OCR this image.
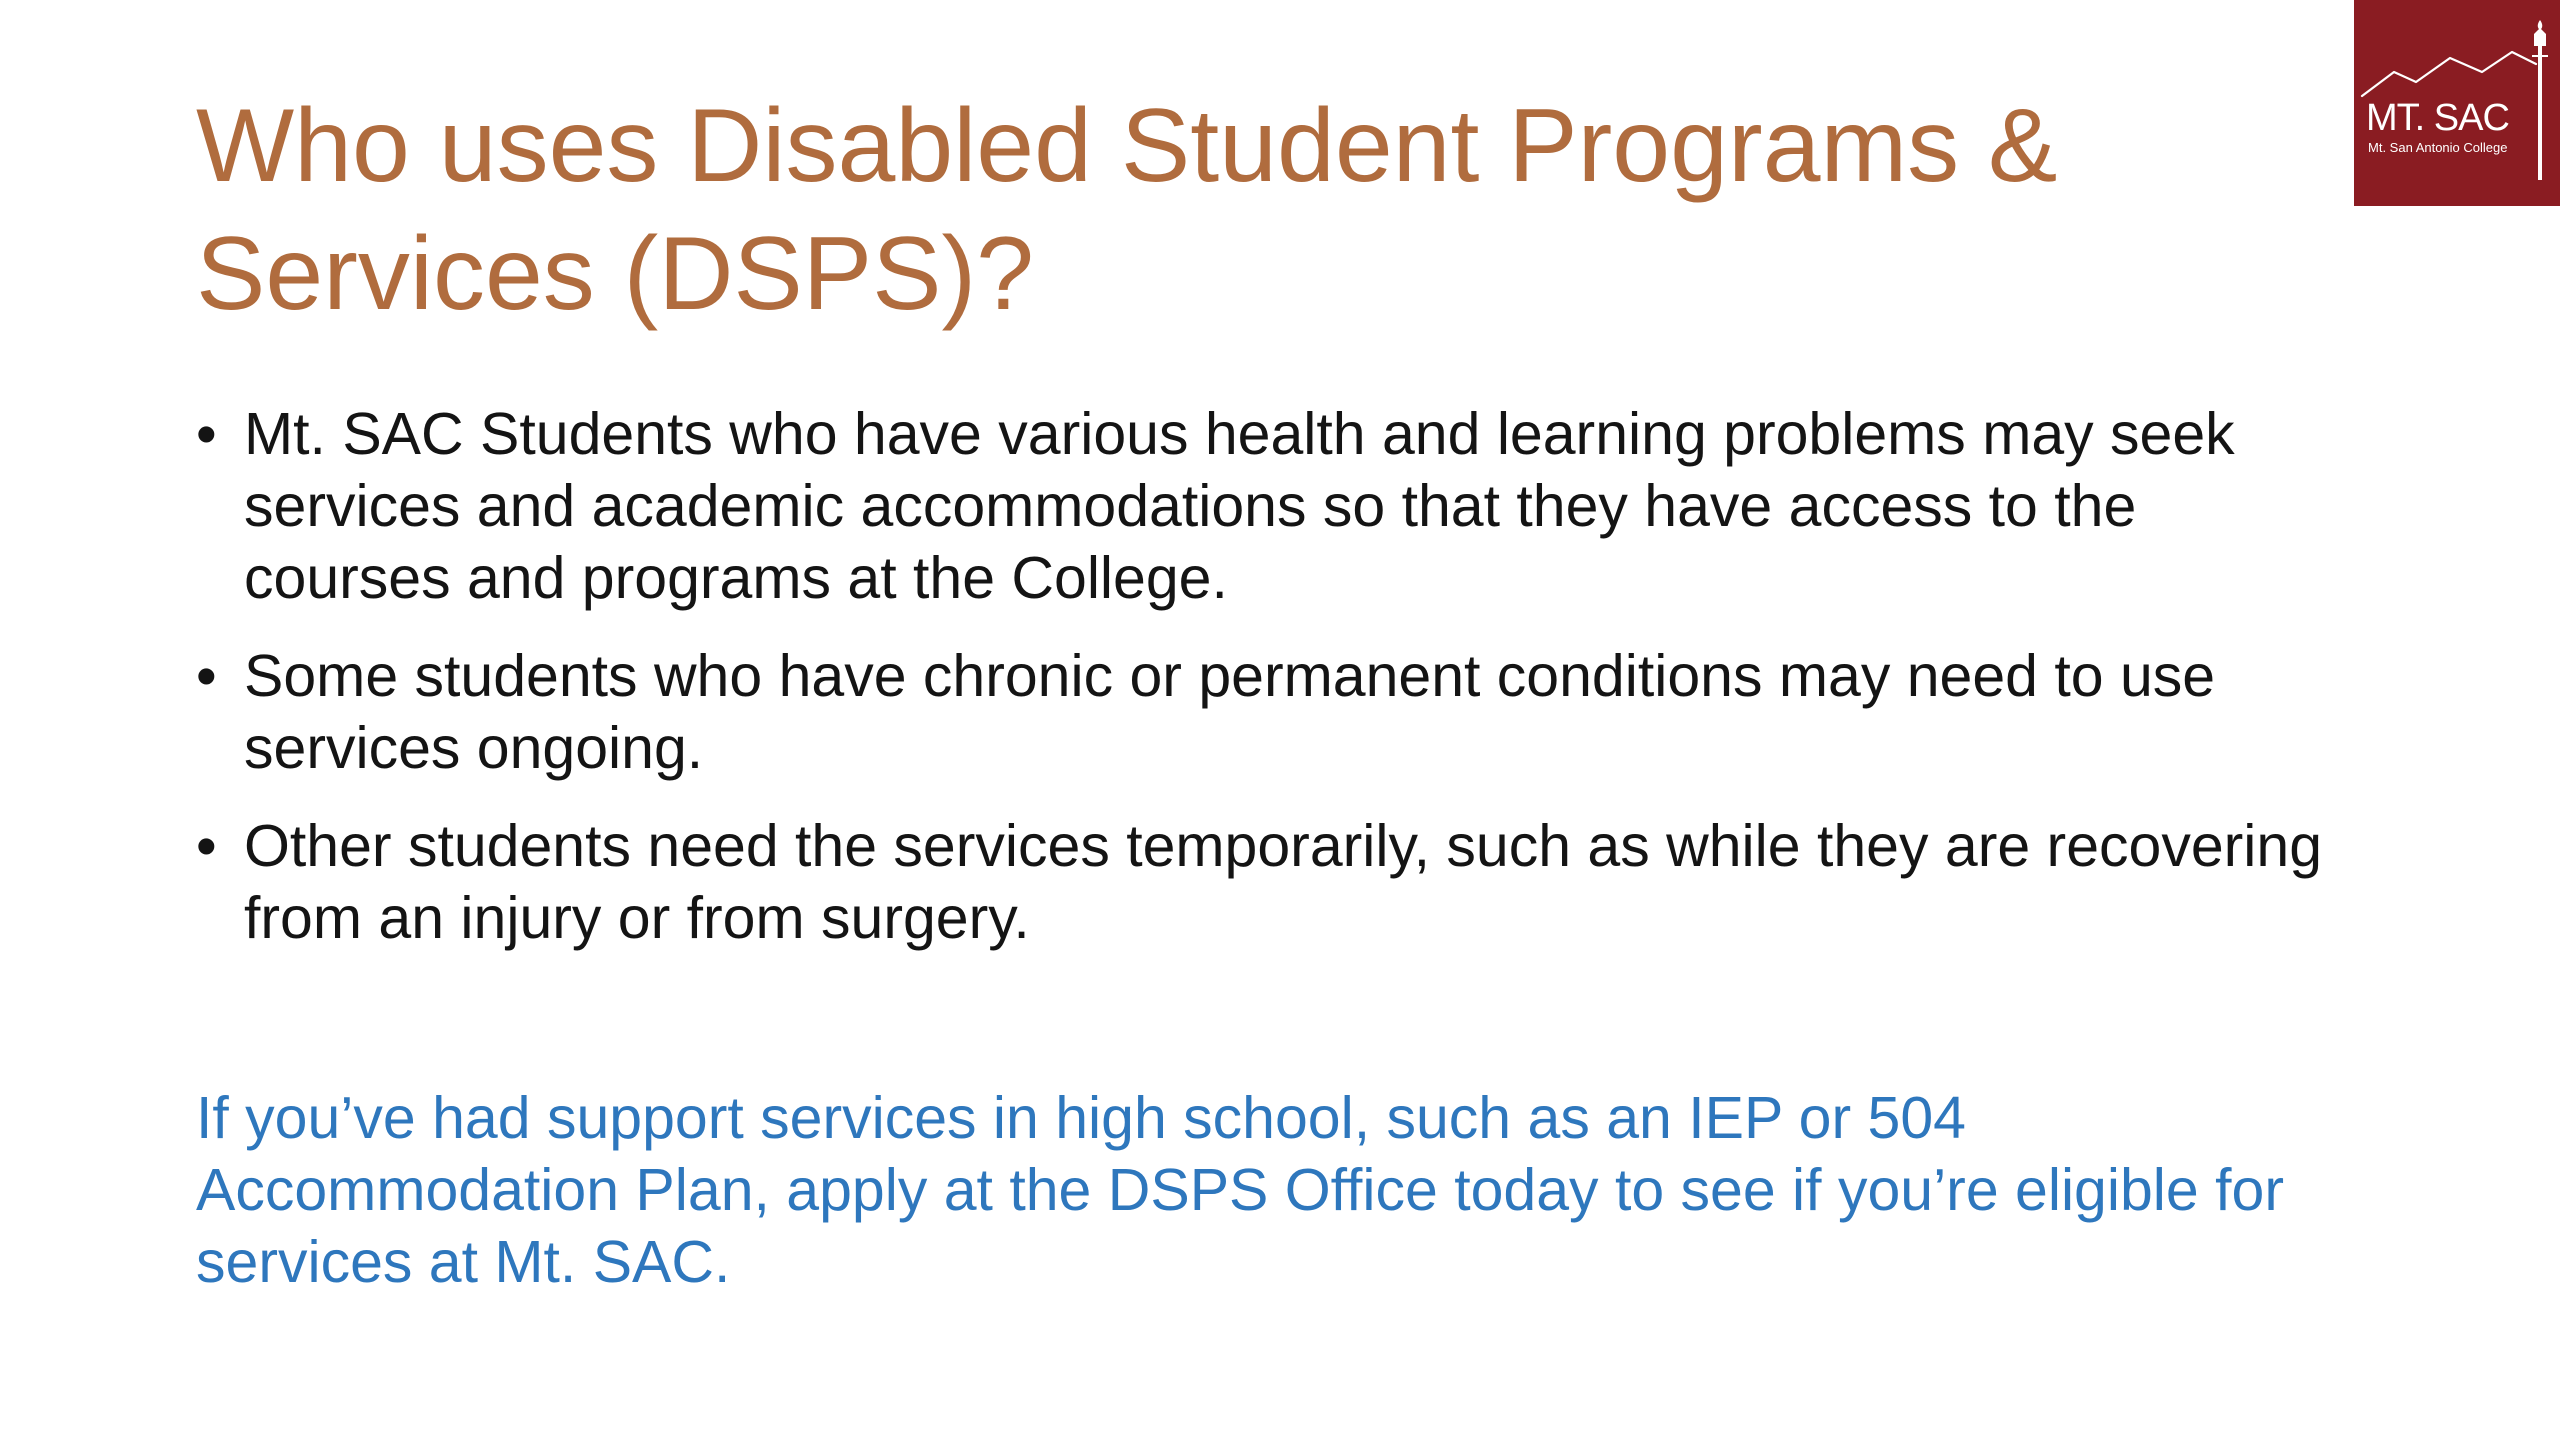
Who uses Disabled Student Programs & Services (DSPS)?
• Mt. SAC Students who have various health and learning problems may seek services and academic accommodations so that they have access to the courses and programs at the College.
• Some students who have chronic or permanent conditions may need to use services ongoing.
• Other students need the services temporarily, such as while they are recovering from an injury or from surgery.

If you’ve had support services in high school, such as an IEP or 504 Accommodation Plan, apply at the DSPS Office today to see if you’re eligible for services at Mt. SAC.

MT. SAC
Mt. San Antonio College
